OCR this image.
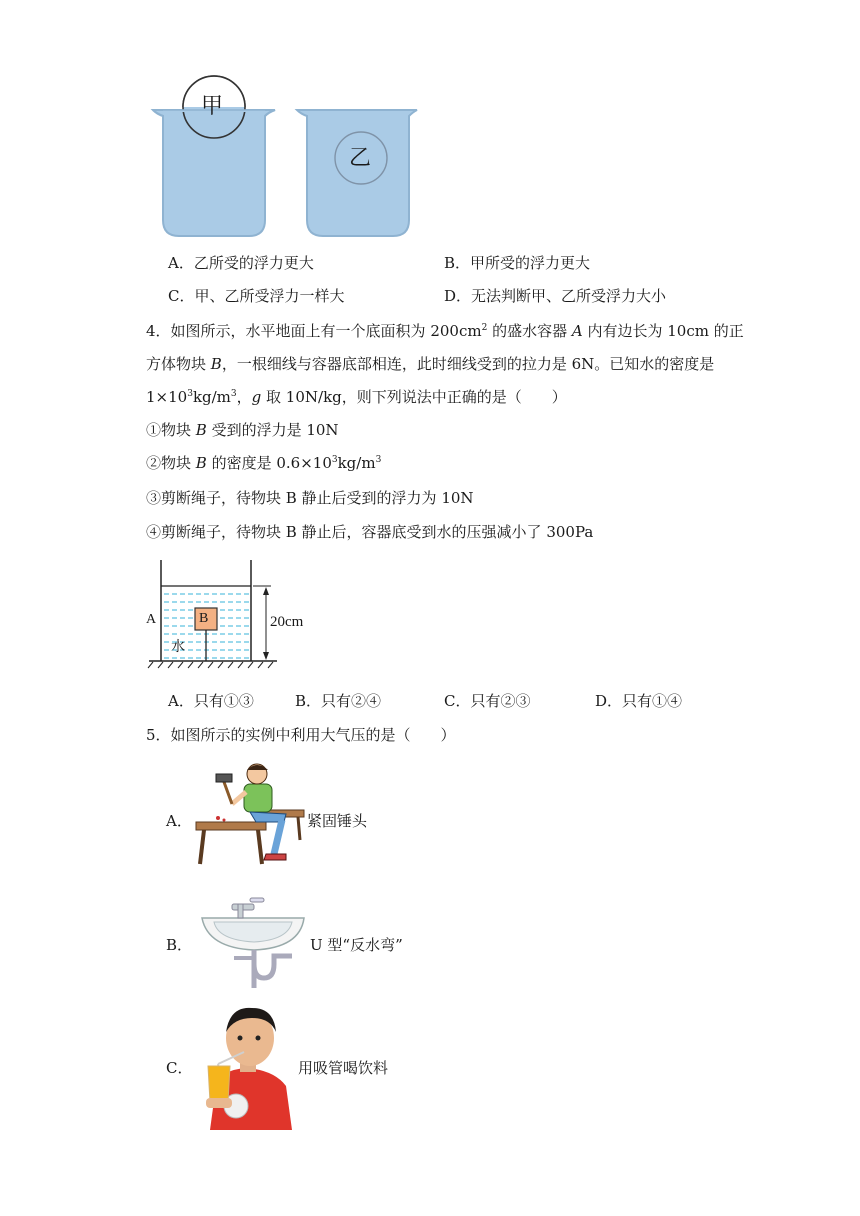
甲
乙
A．乙所受的浮力更大	B．甲所受的浮力更大
C．甲、乙所受浮力一样大	D．无法判断甲、乙所受浮力大小
4．如图所示，水平地面上有一个底面积为 $200cm^2$ 的盛水容器 A 内有边长为 10cm 的正
方体物块 B，一根细线与容器底部相连，此时细线受到的拉力是 6N。已知水的密度是
$1\times 10^3kg/m^3$，g 取 10N/kg，则下列说法中正确的是（　　）
①物块 B 受到的浮力是 10N
②物块 B 的密度是 $0.6\times 10^3kg/m^3$
③剪断绳子，待物块 B 静止后受到的浮力为 10N
④剪断绳子，待物块 B 静止后，容器底受到水的压强减小了 300Pa
A	B
水
20cm
A．只有①③	B．只有②④	C．只有②③	D．只有①④
5．如图所示的实例中利用大气压的是（　　）
A．	紧固锤头
B．	U 型“反水弯”
C．	用吸管喝饮料
